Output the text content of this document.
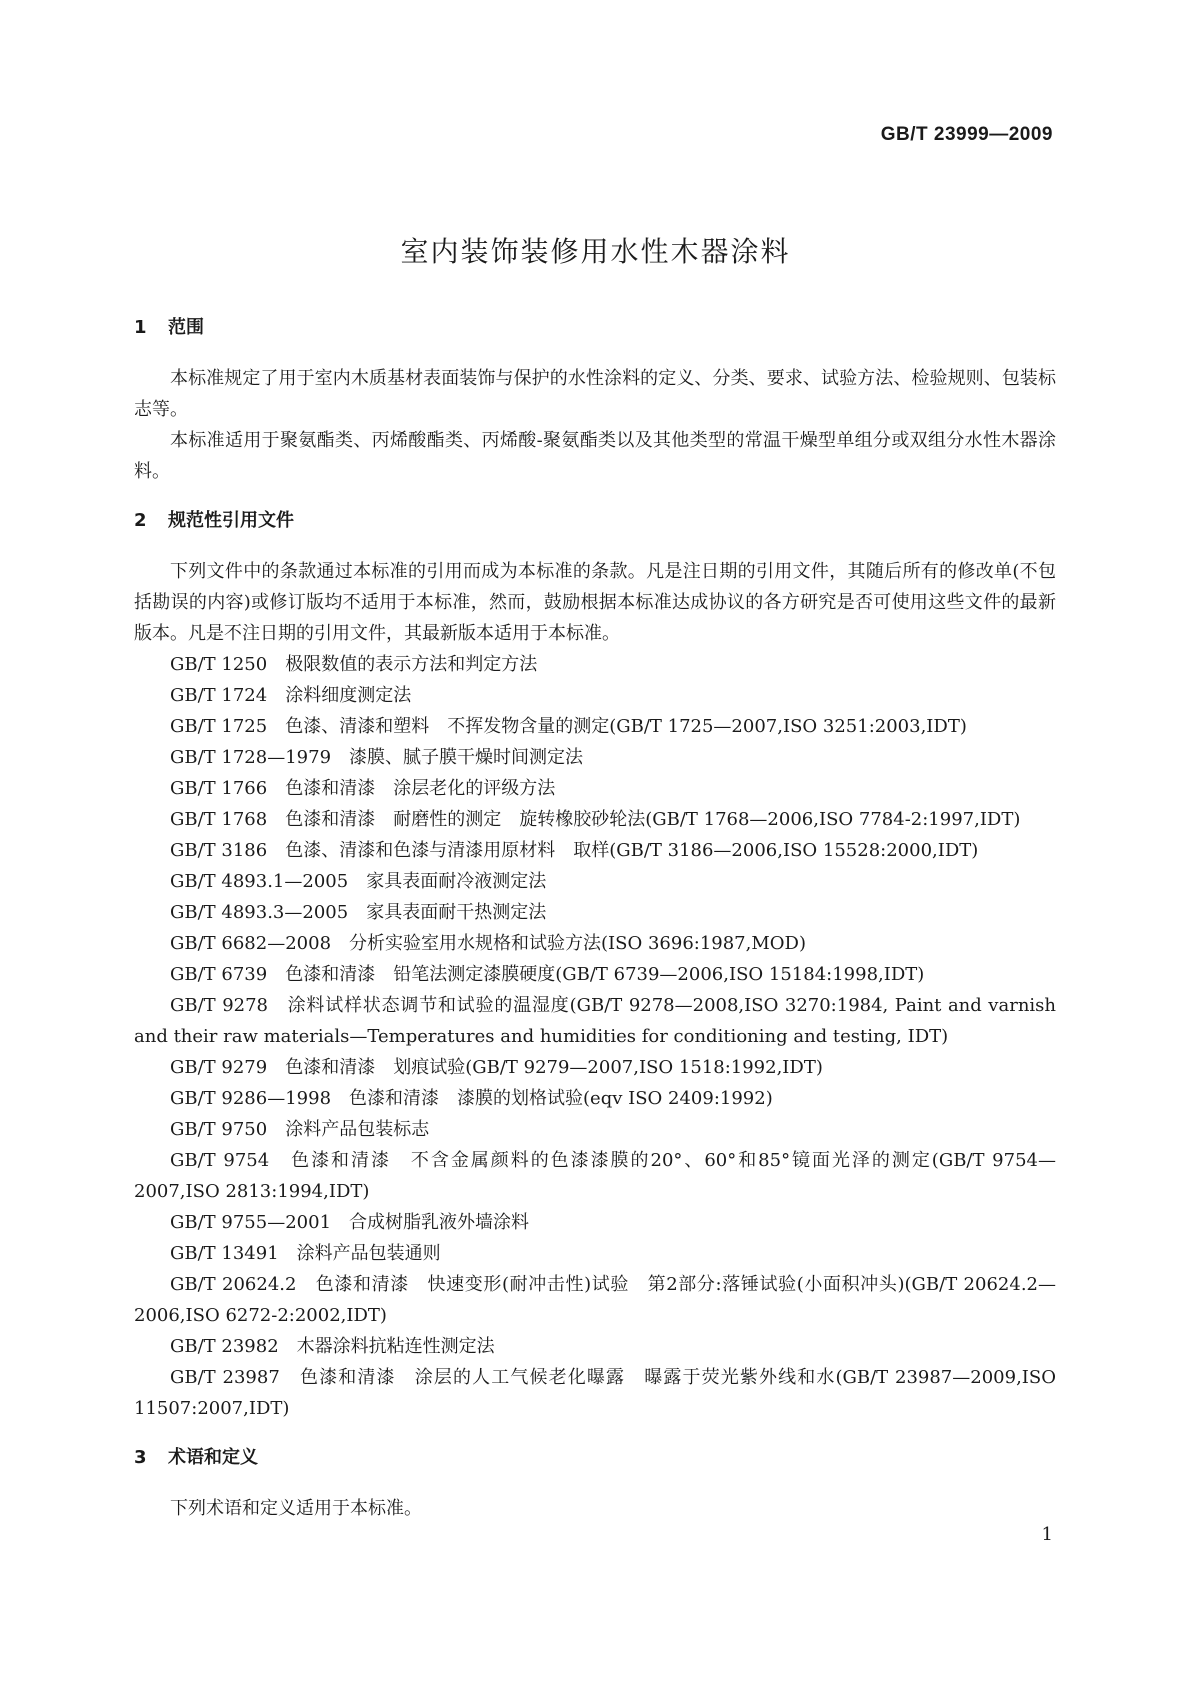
GB/T 23999—2009
室内装饰装修用水性木器涂料
1 范围

本标准规定了用于室内木质基材表面装饰与保护的水性涂料的定义、分类、要求、试验方法、检验规则、包装标志等。

本标准适用于聚氨酯类、丙烯酸酯类、丙烯酸-聚氨酯类以及其他类型的常温干燥型单组分或双组分水性木器涂料。

2 规范性引用文件

下列文件中的条款通过本标准的引用而成为本标准的条款。凡是注日期的引用文件，其随后所有的修改单(不包括勘误的内容)或修订版均不适用于本标准，然而，鼓励根据本标准达成协议的各方研究是否可使用这些文件的最新版本。凡是不注日期的引用文件，其最新版本适用于本标准。

GB/T 1250　极限数值的表示方法和判定方法

GB/T 1724　涂料细度测定法

GB/T 1725　色漆、清漆和塑料　不挥发物含量的测定(GB/T 1725—2007,ISO 3251:2003,IDT)

GB/T 1728—1979　漆膜、腻子膜干燥时间测定法

GB/T 1766　色漆和清漆　涂层老化的评级方法

GB/T 1768　色漆和清漆　耐磨性的测定　旋转橡胶砂轮法(GB/T 1768—2006,ISO 7784-2:1997,IDT)

GB/T 3186　色漆、清漆和色漆与清漆用原材料　取样(GB/T 3186—2006,ISO 15528:2000,IDT)

GB/T 4893.1—2005　家具表面耐冷液测定法

GB/T 4893.3—2005　家具表面耐干热测定法

GB/T 6682—2008　分析实验室用水规格和试验方法(ISO 3696:1987,MOD)

GB/T 6739　色漆和清漆　铅笔法测定漆膜硬度(GB/T 6739—2006,ISO 15184:1998,IDT)

GB/T 9278　涂料试样状态调节和试验的温湿度(GB/T 9278—2008,ISO 3270:1984, Paint and varnish and their raw materials—Temperatures and humidities for conditioning and testing, IDT)

GB/T 9279　色漆和清漆　划痕试验(GB/T 9279—2007,ISO 1518:1992,IDT)

GB/T 9286—1998　色漆和清漆　漆膜的划格试验(eqv ISO 2409:1992)

GB/T 9750　涂料产品包装标志

GB/T 9754　色漆和清漆　不含金属颜料的色漆漆膜的20°、60°和85°镜面光泽的测定(GB/T 9754—2007,ISO 2813:1994,IDT)

GB/T 9755—2001　合成树脂乳液外墙涂料

GB/T 13491　涂料产品包装通则

GB/T 20624.2　色漆和清漆　快速变形(耐冲击性)试验　第2部分:落锤试验(小面积冲头)(GB/T 20624.2—2006,ISO 6272-2:2002,IDT)

GB/T 23982　木器涂料抗粘连性测定法

GB/T 23987　色漆和清漆　涂层的人工气候老化曝露　曝露于荧光紫外线和水(GB/T 23987—2009,ISO 11507:2007,IDT)

3 术语和定义

下列术语和定义适用于本标准。

1
